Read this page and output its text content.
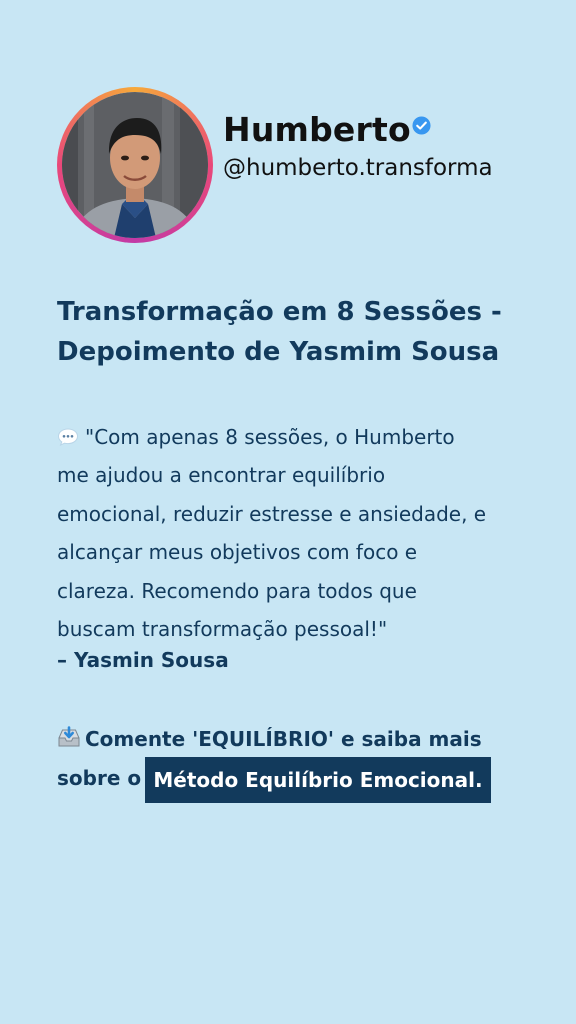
Humberto
@humberto.transforma
Transformação em 8 Sessões -
Depoimento de Yasmim Sousa
"Com apenas 8 sessões, o Humberto
me ajudou a encontrar equilíbrio
emocional, reduzir estresse e ansiedade, e
alcançar meus objetivos com foco e
clareza. Recomendo para todos que
buscam transformação pessoal!"
– Yasmin Sousa
Comente 'EQUILÍBRIO' e saiba mais
sobre o Método Equilíbrio Emocional.
